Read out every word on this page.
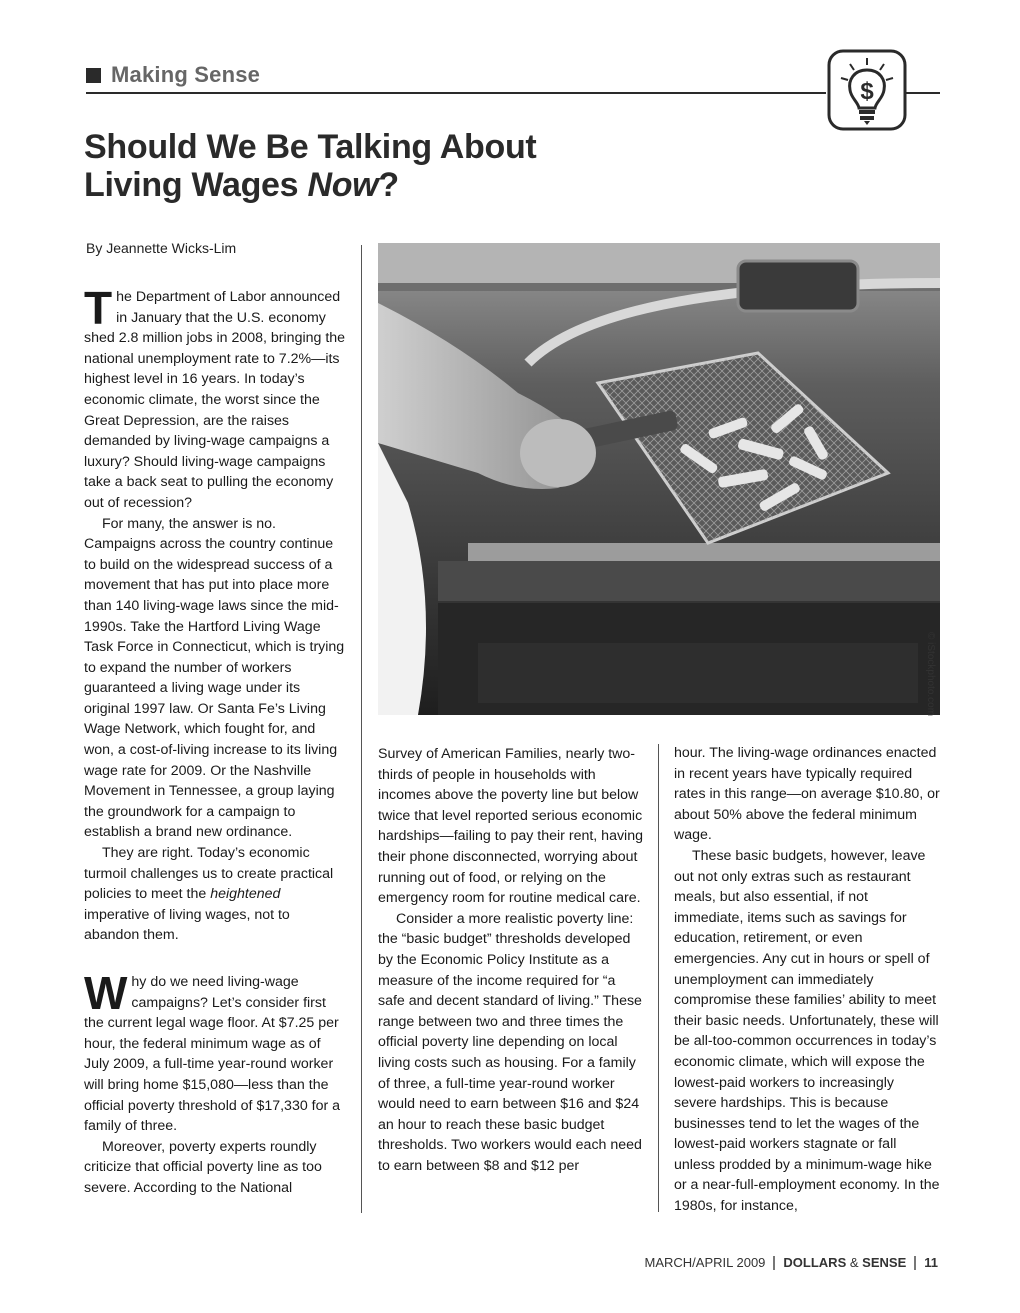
Making Sense
$
Should We Be Talking About
Living Wages Now?
By Jeannette Wicks-Lim

The Department of Labor announced in January that the U.S. economy shed 2.8 million jobs in 2008, bringing the national unemployment rate to 7.2%—its highest level in 16 years. In today’s economic climate, the worst since the Great Depression, are the raises demanded by living-wage campaigns a luxury? Should living-wage campaigns take a back seat to pulling the economy out of recession?

For many, the answer is no. Campaigns across the country continue to build on the widespread success of a movement that has put into place more than 140 living-wage laws since the mid-1990s. Take the Hartford Living Wage Task Force in Connecticut, which is trying to expand the number of workers guaranteed a living wage under its original 1997 law. Or Santa Fe’s Living Wage Network, which fought for, and won, a cost-of-living increase to its living wage rate for 2009. Or the Nashville Movement in Tennessee, a group laying the groundwork for a campaign to establish a brand new ordinance.

They are right. Today’s economic turmoil challenges us to create practical policies to meet the heightened imperative of living wages, not to abandon them.

Why do we need living-wage campaigns? Let’s consider first the current legal wage floor. At $7.25 per hour, the federal minimum wage as of July 2009, a full-time year-round worker will bring home $15,080—less than the official poverty threshold of $17,330 for a family of three.

Moreover, poverty experts roundly criticize that official poverty line as too severe. According to the National

© iStockphoto.com

Survey of American Families, nearly two-thirds of people in households with incomes above the poverty line but below twice that level reported serious economic hardships—failing to pay their rent, having their phone disconnected, worrying about running out of food, or relying on the emergency room for routine medical care.

Consider a more realistic poverty line: the “basic budget” thresholds developed by the Economic Policy Institute as a measure of the income required for “a safe and decent standard of living.” These range between two and three times the official poverty line depending on local living costs such as housing. For a family of three, a full-time year-round worker would need to earn between $16 and $24 an hour to reach these basic budget thresholds. Two workers would each need to earn between $8 and $12 per

hour. The living-wage ordinances enacted in recent years have typically required rates in this range—on average $10.80, or about 50% above the federal minimum wage.

These basic budgets, however, leave out not only extras such as restaurant meals, but also essential, if not immediate, items such as savings for education, retirement, or even emergencies. Any cut in hours or spell of unemployment can immediately compromise these families’ ability to meet their basic needs. Unfortunately, these will be all-too-common occurrences in today’s economic climate, which will expose the lowest-paid workers to increasingly severe hardships. This is because businesses tend to let the wages of the lowest-paid workers stagnate or fall unless prodded by a minimum-wage hike or a near-full-employment economy. In the 1980s, for instance,

MARCH/APRIL 2009 DOLLARS & SENSE 11
